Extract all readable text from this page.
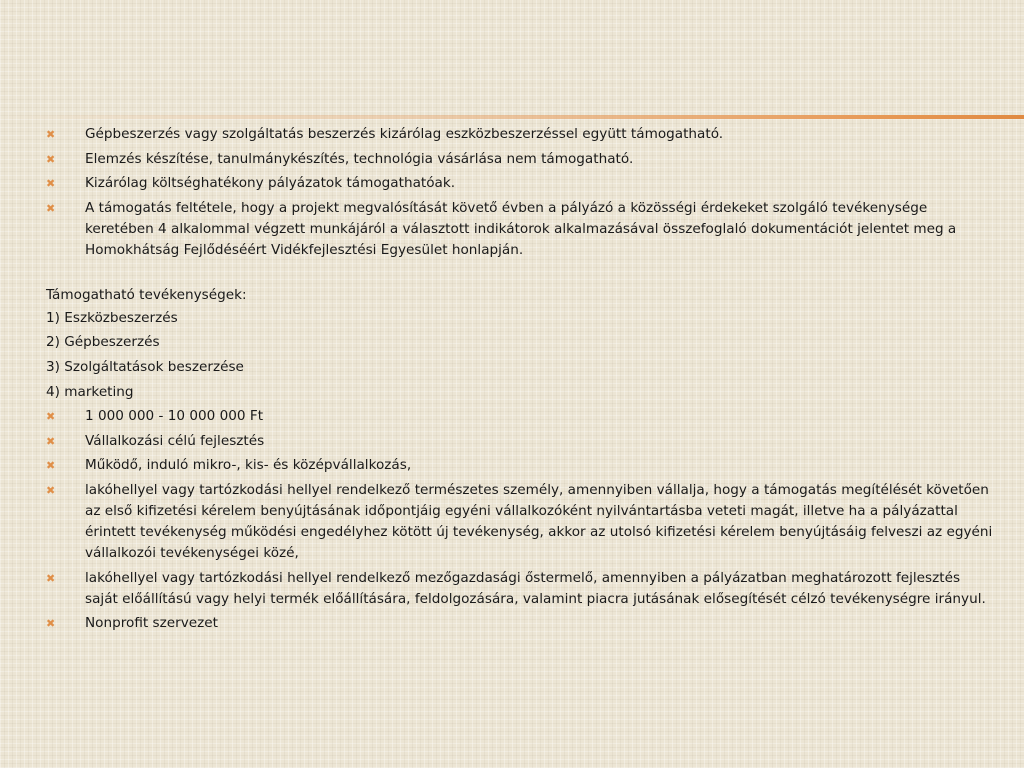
✖ Gépbeszerzés vagy szolgáltatás beszerzés kizárólag eszközbeszerzéssel együtt támogatható.
✖ Elemzés készítése, tanulmánykészítés, technológia vásárlása nem támogatható.
✖ Kizárólag költséghatékony pályázatok támogathatóak.
✖ A támogatás feltétele, hogy a projekt megvalósítását követő évben a pályázó a közösségi érdekeket szolgáló tevékenysége keretében 4 alkalommal végzett munkájáról a választott indikátorok alkalmazásával összefoglaló dokumentációt jelentet meg a Homokhátság Fejlődéséért Vidékfejlesztési Egyesület honlapján.
Támogatható tevékenységek:
1) Eszközbeszerzés
2) Gépbeszerzés
3) Szolgáltatások beszerzése
4) marketing
✖ 1 000 000 - 10 000 000 Ft
✖ Vállalkozási célú fejlesztés
✖ Működő, induló mikro-, kis- és középvállalkozás,
✖ lakóhellyel vagy tartózkodási hellyel rendelkező természetes személy, amennyiben vállalja, hogy a támogatás megítélését követően az első kifizetési kérelem benyújtásának időpontjáig egyéni vállalkozóként nyilvántartásba veteti magát, illetve ha a pályázattal érintett tevékenység működési engedélyhez kötött új tevékenység, akkor az utolsó kifizetési kérelem benyújtásáig felveszi az egyéni vállalkozói tevékenységei közé,
✖ lakóhellyel vagy tartózkodási hellyel rendelkező mezőgazdasági őstermelő, amennyiben a pályázatban meghatározott fejlesztés saját előállítású vagy helyi termék előállítására, feldolgozására, valamint piacra jutásának elősegítését célzó tevékenységre irányul.
✖ Nonprofit szervezet
